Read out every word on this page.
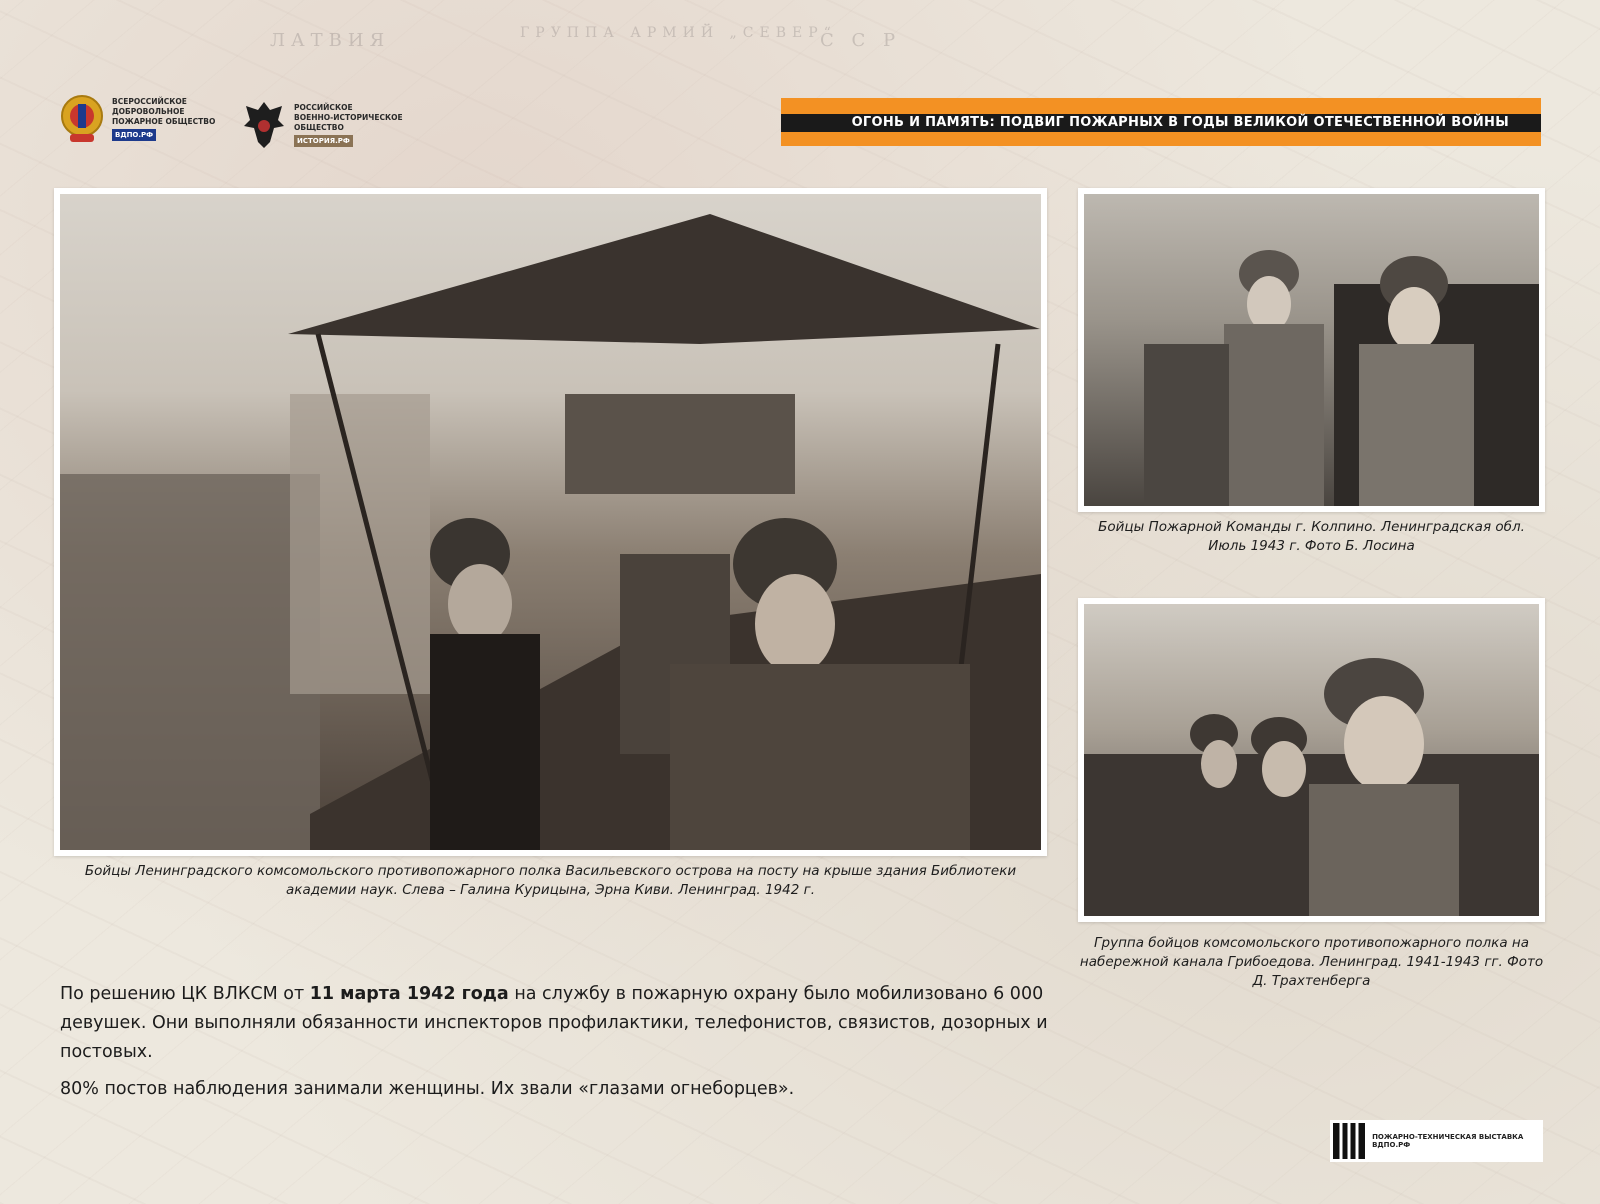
ЛАТВИЯ	ГРУППА АРМИЙ „СЕВЕР“
С С Р
ВСЕРОССИЙСКОЕ
ДОБРОВОЛЬНОЕ
ПОЖАРНОЕ ОБЩЕСТВО
ВДПО.РФ
РОССИЙСКОЕ
ВОЕННО-ИСТОРИЧЕСКОЕ
ОБЩЕСТВО
ИСТОРИЯ.РФ
ОГОНЬ И ПАМЯТЬ: ПОДВИГ ПОЖАРНЫХ В ГОДЫ ВЕЛИКОЙ ОТЕЧЕСТВЕННОЙ ВОЙНЫ
Бойцы Ленинградского комсомольского противопожарного полка Васильевского острова на посту на крыше здания Библиотеки академии наук. Слева – Галина Курицына, Эрна Киви. Ленинград. 1942 г.
Бойцы Пожарной Команды г. Колпино. Ленинградская обл. Июль 1943 г. Фото Б. Лосина
Группа бойцов комсомольского противопожарного полка на набережной канала Грибоедова. Ленинград. 1941-1943 гг. Фото Д. Трахтенберга

По решению ЦК ВЛКСМ от 11 марта 1942 года на службу в пожарную охрану было мобилизовано 6 000 девушек. Они выполняли обязанности инспекторов профилактики, телефонистов, связистов, дозорных и постовых.

80% постов наблюдения занимали женщины. Их звали «глазами огнеборцев».

ПОЖАРНО-ТЕХНИЧЕСКАЯ ВЫСТАВКА ВДПО.РФ
